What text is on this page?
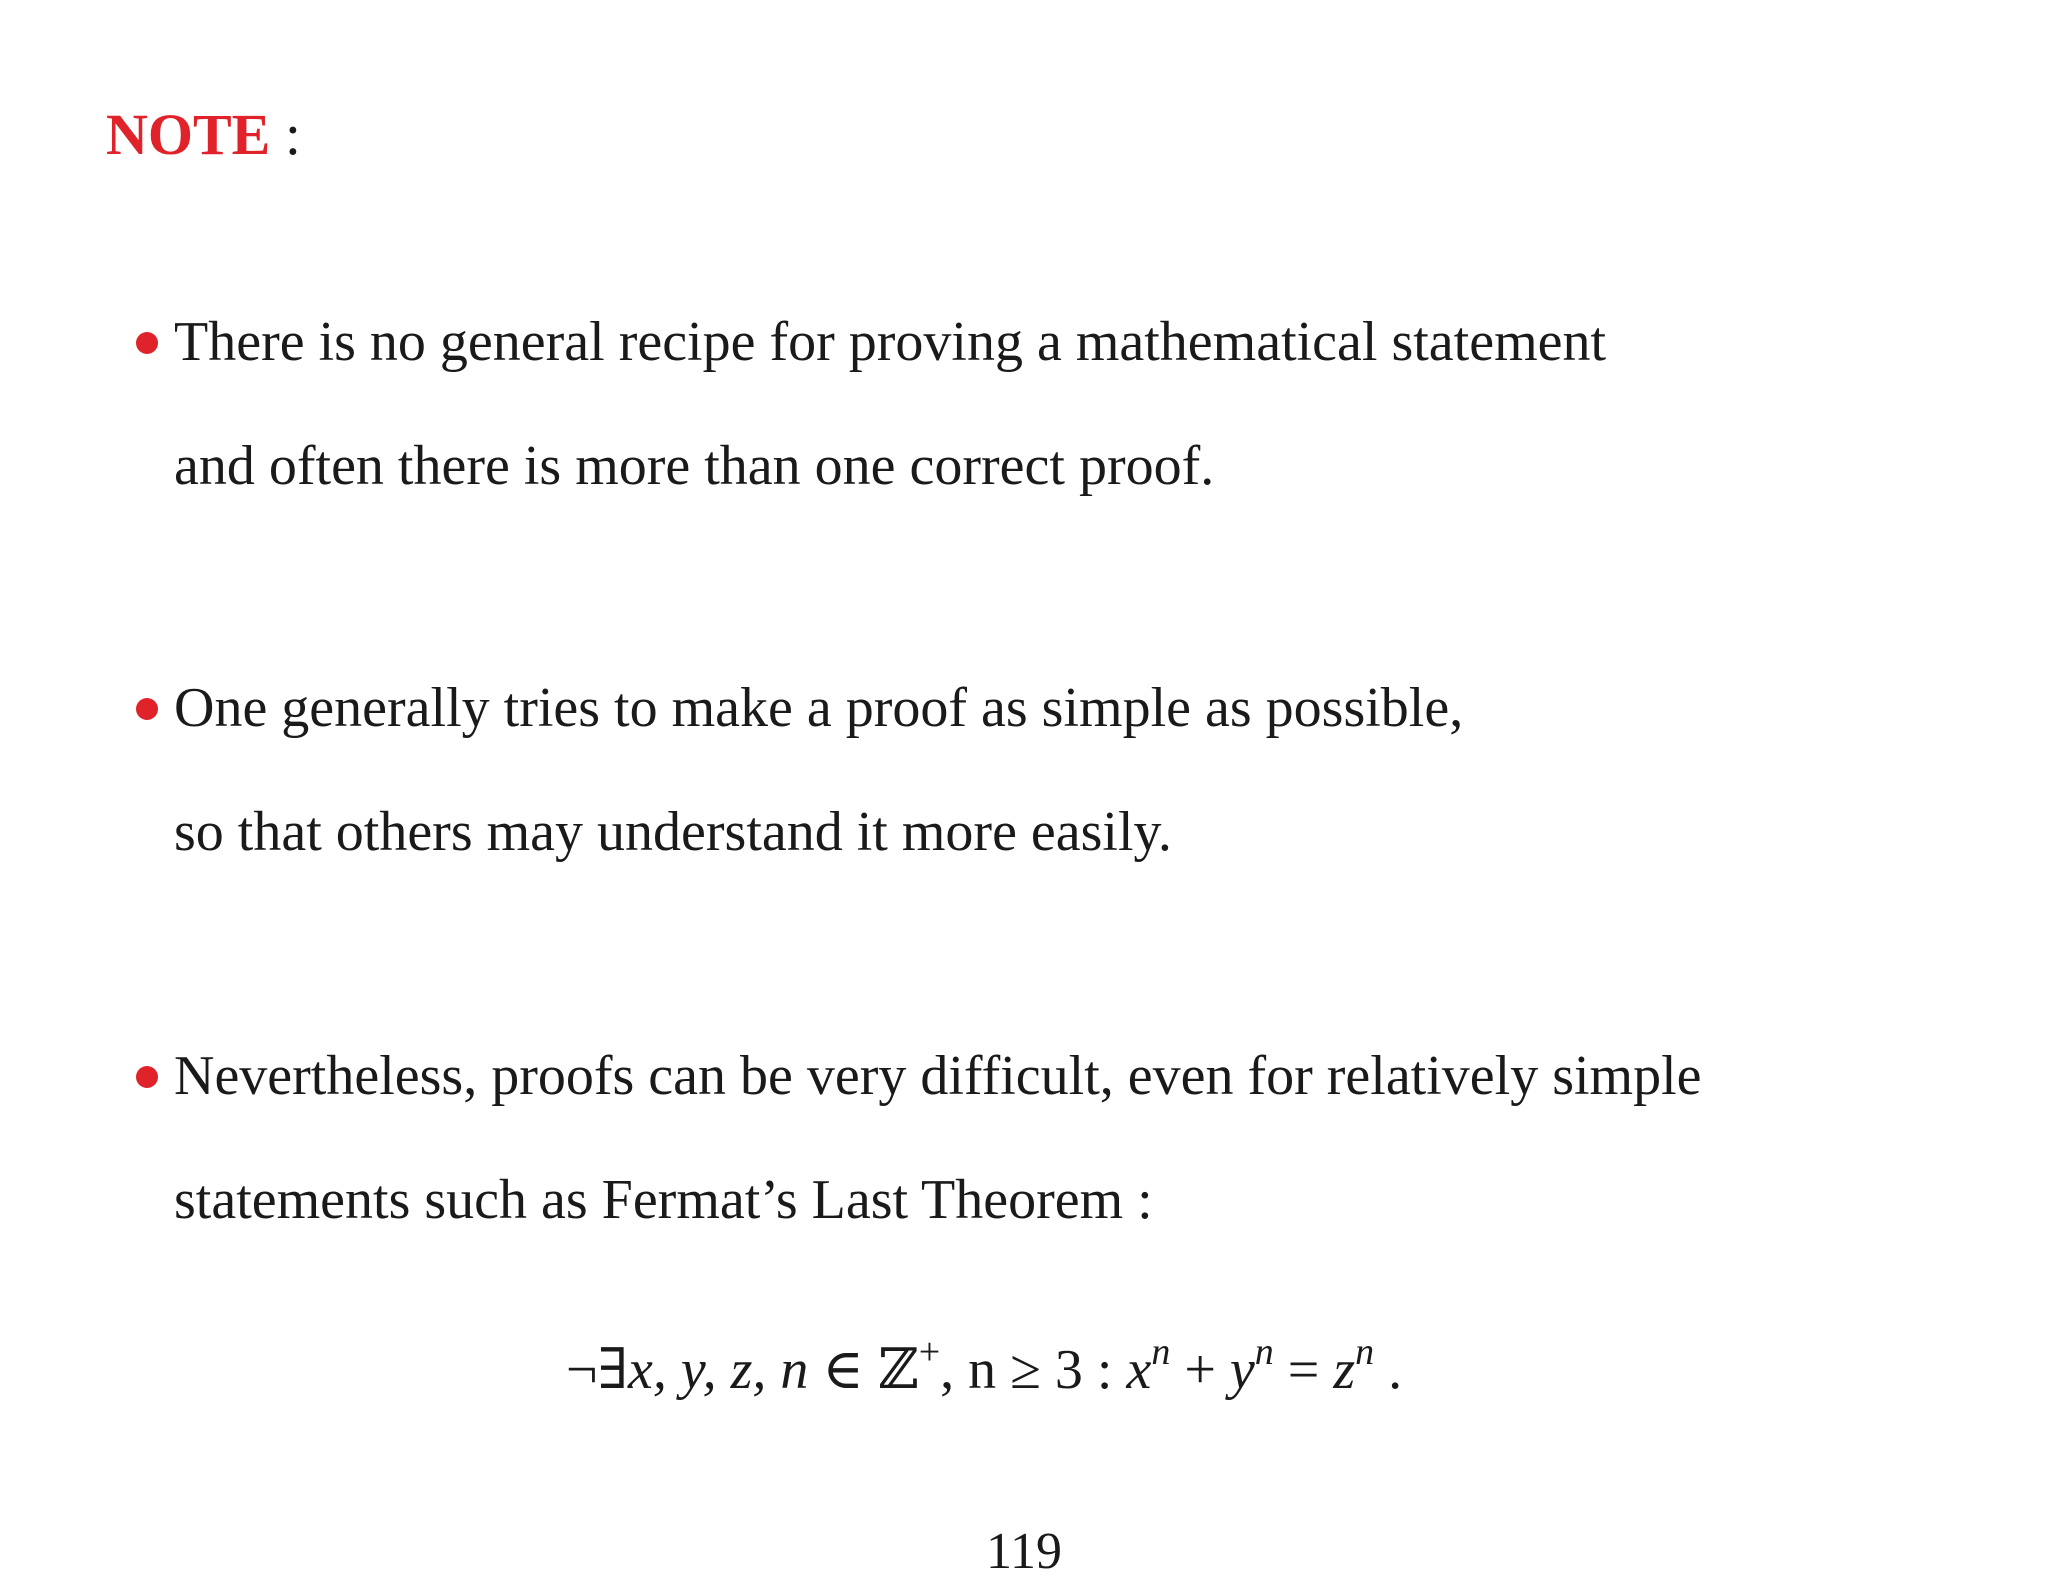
NOTE :
There is no general recipe for proving a mathematical statement
and often there is more than one correct proof.
One generally tries to make a proof as simple as possible,
so that others may understand it more easily.
Nevertheless, proofs can be very difficult, even for relatively simple
statements such as Fermat’s Last Theorem :
¬∃x, y, z, n ∈ ℤ+, n ≥ 3 : $x^n + y^n = z^n$ .
119
